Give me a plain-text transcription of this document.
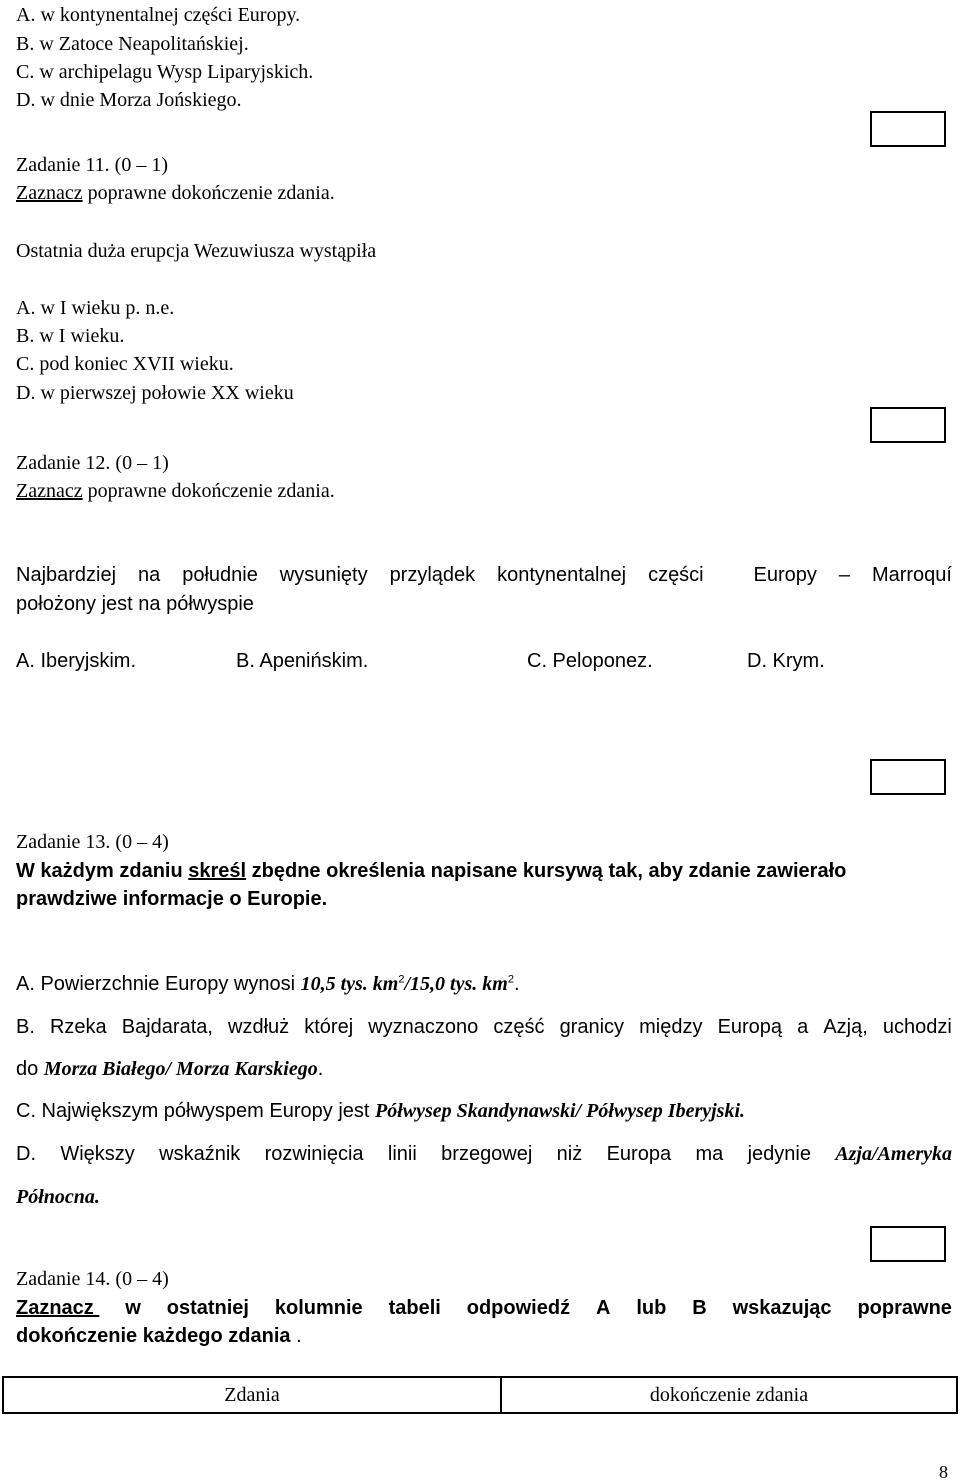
A. w kontynentalnej części Europy.
B. w Zatoce Neapolitańskiej.
C. w archipelagu Wysp Liparyjskich.
D. w dnie Morza Jońskiego.
Zadanie 11. (0 – 1)
Zaznacz poprawne dokończenie zdania.
Ostatnia duża erupcja Wezuwiusza wystąpiła
A. w I wieku p. n.e.
B. w I wieku.
C. pod koniec XVII wieku.
D. w pierwszej połowie XX wieku
Zadanie 12. (0 – 1)
Zaznacz poprawne dokończenie zdania.
Najbardziej na południe wysunięty przylądek kontynentalnej części Europy – Marroquí
położony jest na półwyspie
A. Iberyjskim.	B. Apenińskim.	C. Peloponez.	D. Krym.
Zadanie 13. (0 – 4)
W każdym zdaniu skreśl zbędne określenia napisane kursywą tak, aby zdanie zawierało
prawdziwe informacje o Europie.
A. Powierzchnie Europy wynosi 10,5 tys. $km^2/15,0$ tys. $km^2$.
B. Rzeka Bajdarata, wzdłuż której wyznaczono część granicy między Europą a Azją, uchodzi
do Morza Białego/ Morza Karskiego.
C. Największym półwyspem Europy jest Półwysep Skandynawski/ Półwysep Iberyjski.
D. Większy wskaźnik rozwinięcia linii brzegowej niż Europa ma jedynie Azja/Ameryka
Północna.
Zadanie 14. (0 – 4)
Zaznacz w ostatniej kolumnie tabeli odpowiedź A lub B wskazując poprawne
dokończenie każdego zdania .
Zdania	dokończenie zdania
8
